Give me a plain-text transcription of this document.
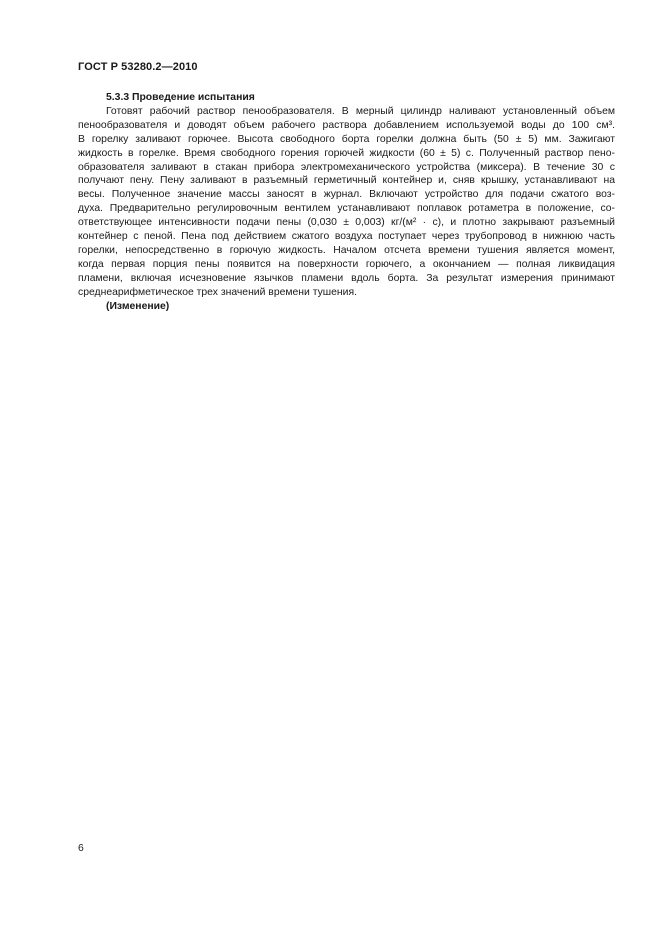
ГОСТ Р 53280.2—2010
5.3.3 Проведение испытания
Готовят рабочий раствор пенообразователя. В мерный цилиндр наливают установленный объем
пенообразователя и доводят объем рабочего раствора добавлением используемой воды до 100 см³.
В горелку заливают горючее. Высота свободного борта горелки должна быть (50 ± 5) мм. Зажигают
жидкость в горелке. Время свободного горения горючей жидкости (60 ± 5) с. Полученный раствор пено-
образователя заливают в стакан прибора электромеханического устройства (миксера). В течение 30 с
получают пену. Пену заливают в разъемный герметичный контейнер и, сняв крышку, устанавливают на
весы. Полученное значение массы заносят в журнал. Включают устройство для подачи сжатого воз-
духа. Предварительно регулировочным вентилем устанавливают поплавок ротаметра в положение, со-
ответствующее интенсивности подачи пены (0,030 ± 0,003) кг/(м² · с), и плотно закрывают разъемный
контейнер с пеной. Пена под действием сжатого воздуха поступает через трубопровод в нижнюю часть
горелки, непосредственно в горючую жидкость. Началом отсчета времени тушения является момент,
когда первая порция пены появится на поверхности горючего, а окончанием — полная ликвидация
пламени, включая исчезновение язычков пламени вдоль борта. За результат измерения принимают
среднеарифметическое трех значений времени тушения.
(Изменение)
6
